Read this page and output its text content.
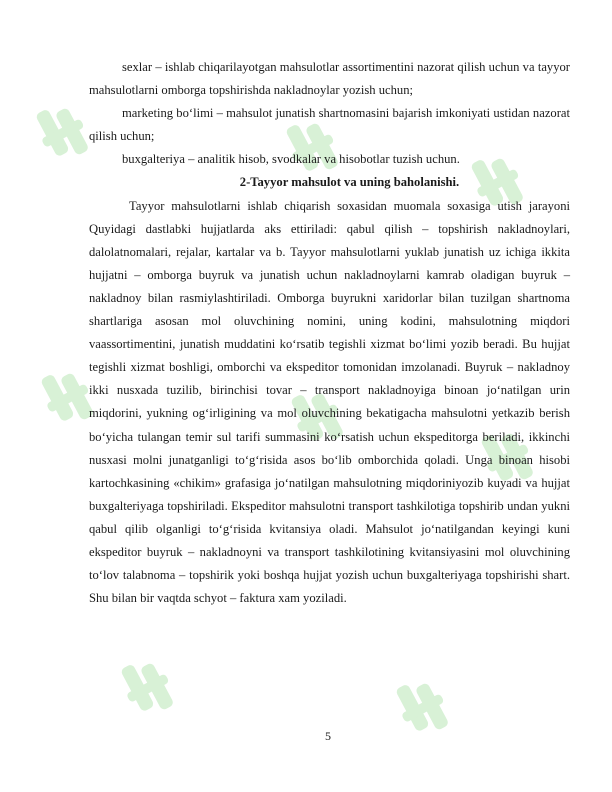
sexlar – ishlab chiqarilayotgan mahsulotlar assortimentini nazorat qilish uchun va tayyor mahsulotlarni omborga topshirishda nakladnoylar yozish uchun;

marketing bo‘limi – mahsulot junatish shartnomasini bajarish imkoniyati ustidan nazorat qilish uchun;

buxgalteriya – analitik hisob, svodkalar va hisobotlar tuzish uchun.

2-Tayyor mahsulot va uning baholanishi.

Tayyor mahsulotlarni ishlab chiqarish soxasidan muomala soxasiga utish jarayoni Quyidagi dastlabki hujjatlarda aks ettiriladi: qabul qilish – topshirish nakladnoylari, dalolatnomalari, rejalar, kartalar va b. Tayyor mahsulotlarni yuklab junatish uz ichiga ikkita hujjatni – omborga buyruk va junatish uchun nakladnoylarni kamrab oladigan buyruk – nakladnoy bilan rasmiylashtiriladi. Omborga buyrukni xaridorlar bilan tuzilgan shartnoma shartlariga asosan mol oluvchining nomini, uning kodini, mahsulotning miqdori vaassortimentini, junatish muddatini ko‘rsatib tegishli xizmat bo‘limi yozib beradi. Bu hujjat tegishli xizmat boshligi, omborchi va ekspeditor tomonidan imzolanadi. Buyruk – nakladnoy ikki nusxada tuzilib, birinchisi tovar – transport nakladnoyiga binoan jo‘natilgan urin miqdorini, yukning og‘irligining va mol oluvchining bekatigacha mahsulotni yetkazib berish bo‘yicha tulangan temir sul tarifi summasini ko‘rsatish uchun ekspeditorga beriladi, ikkinchi nusxasi molni junatganligi to‘g‘risida asos bo‘lib omborchida qoladi. Unga binoan hisobi kartochkasining «chikim» grafasiga jo‘natilgan mahsulotning miqdoriniyozib kuyadi va hujjat buxgalteriyaga topshiriladi. Ekspeditor mahsulotni transport tashkilotiga topshirib undan yukni qabul qilib olganligi to‘g‘risida kvitansiya oladi. Mahsulot jo‘natilgandan keyingi kuni ekspeditor buyruk – nakladnoyni va transport tashkilotining kvitansiyasini mol oluvchining to‘lov talabnoma – topshirik yoki boshqa hujjat yozish uchun buxgalteriyaga topshirishi shart. Shu bilan bir vaqtda schyot – faktura xam yoziladi.

5
